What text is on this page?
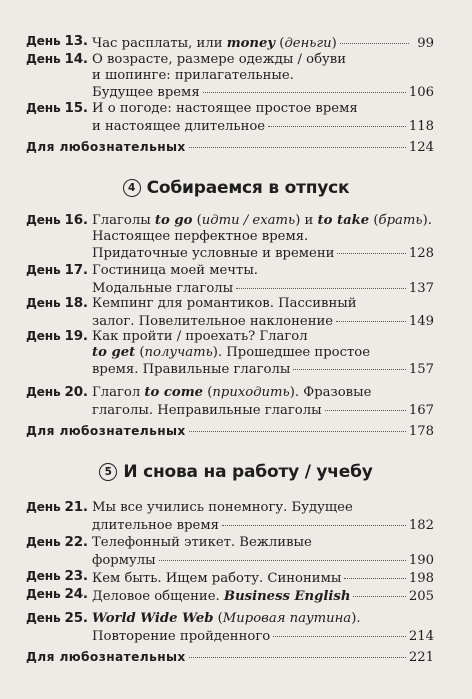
День 13. Час расплаты, или money (деньги)	99
День 14. О возрасте, размере одежды / обуви
и шопинге: прилагательные.
Будущее время	106
День 15. И о погоде: настоящее простое время
и настоящее длительное	118
Для любознательных	124
4 Собираемся в отпуск
День 16. Глаголы to go (идти / ехать) и to take (брать).
Настоящее перфектное время.
Придаточные условные и времени	128
День 17. Гостиница моей мечты.
Модальные глаголы	137
День 18. Кемпинг для романтиков. Пассивный
залог. Повелительное наклонение	149
День 19. Как пройти / проехать? Глагол
to get (получать). Прошедшее простое
время. Правильные глаголы	157
День 20. Глагол to come (приходить). Фразовые
глаголы. Неправильные глаголы	167
Для любознательных	178
5 И снова на работу / учебу
День 21. Мы все учились понемногу. Будущее
длительное время	182
День 22. Телефонный этикет. Вежливые
формулы	190
День 23. Кем быть. Ищем работу. Синонимы	198
День 24. Деловое общение. Business English	205
День 25. World Wide Web (Мировая паутина).
Повторение пройденного	214
Для любознательных	221
